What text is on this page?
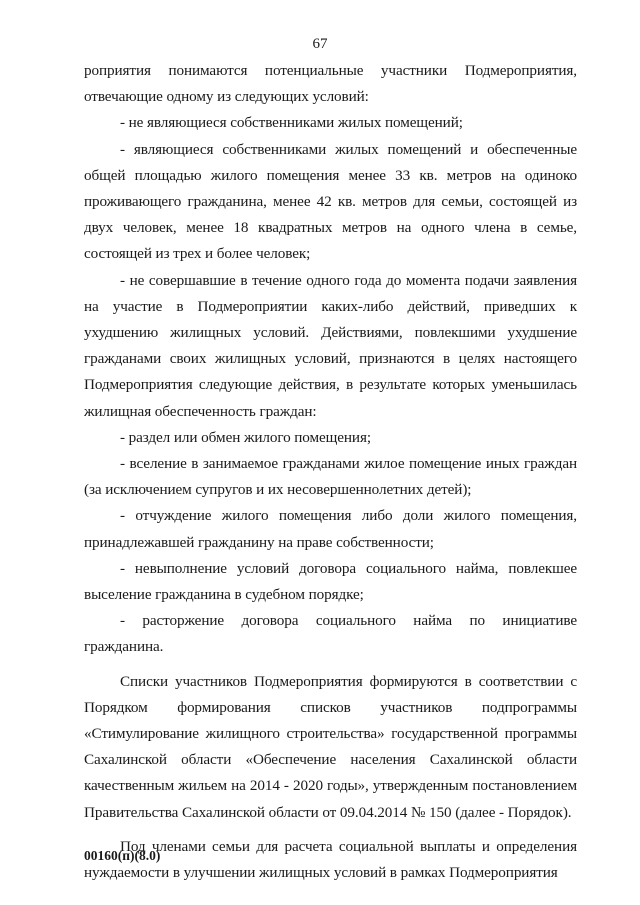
67

роприятия понимаются потенциальные участники Подмероприятия, отвечающие одному из следующих условий:

- не являющиеся собственниками жилых помещений;

- являющиеся собственниками жилых помещений и обеспеченные общей площадью жилого помещения менее 33 кв. метров на одиноко проживающего гражданина, менее 42 кв. метров для семьи, состоящей из двух человек, менее 18 квадратных метров на одного члена в семье, состоящей из трех и более человек;

- не совершавшие в течение одного года до момента подачи заявления на участие в Подмероприятии каких-либо действий, приведших к ухудшению жилищных условий. Действиями, повлекшими ухудшение гражданами своих жилищных условий, признаются в целях настоящего Подмероприятия следующие действия, в результате которых уменьшилась жилищная обеспеченность граждан:

- раздел или обмен жилого помещения;

- вселение в занимаемое гражданами жилое помещение иных граждан (за исключением супругов и их несовершеннолетних детей);

- отчуждение жилого помещения либо доли жилого помещения, принадлежавшей гражданину на праве собственности;

- невыполнение условий договора социального найма, повлекшее выселение гражданина в судебном порядке;

- расторжение договора социального найма по инициативе гражданина.

Списки участников Подмероприятия формируются в соответствии с Порядком формирования списков участников подпрограммы «Стимулирование жилищного строительства» государственной программы Сахалинской области «Обеспечение населения Сахалинской области качественным жильем на 2014 - 2020 годы», утвержденным постановлением Правительства Сахалинской области от 09.04.2014 № 150 (далее - Порядок).

Под членами семьи для расчета социальной выплаты и определения нуждаемости в улучшении жилищных условий в рамках Подмероприятия

00160(п)(8.0)
